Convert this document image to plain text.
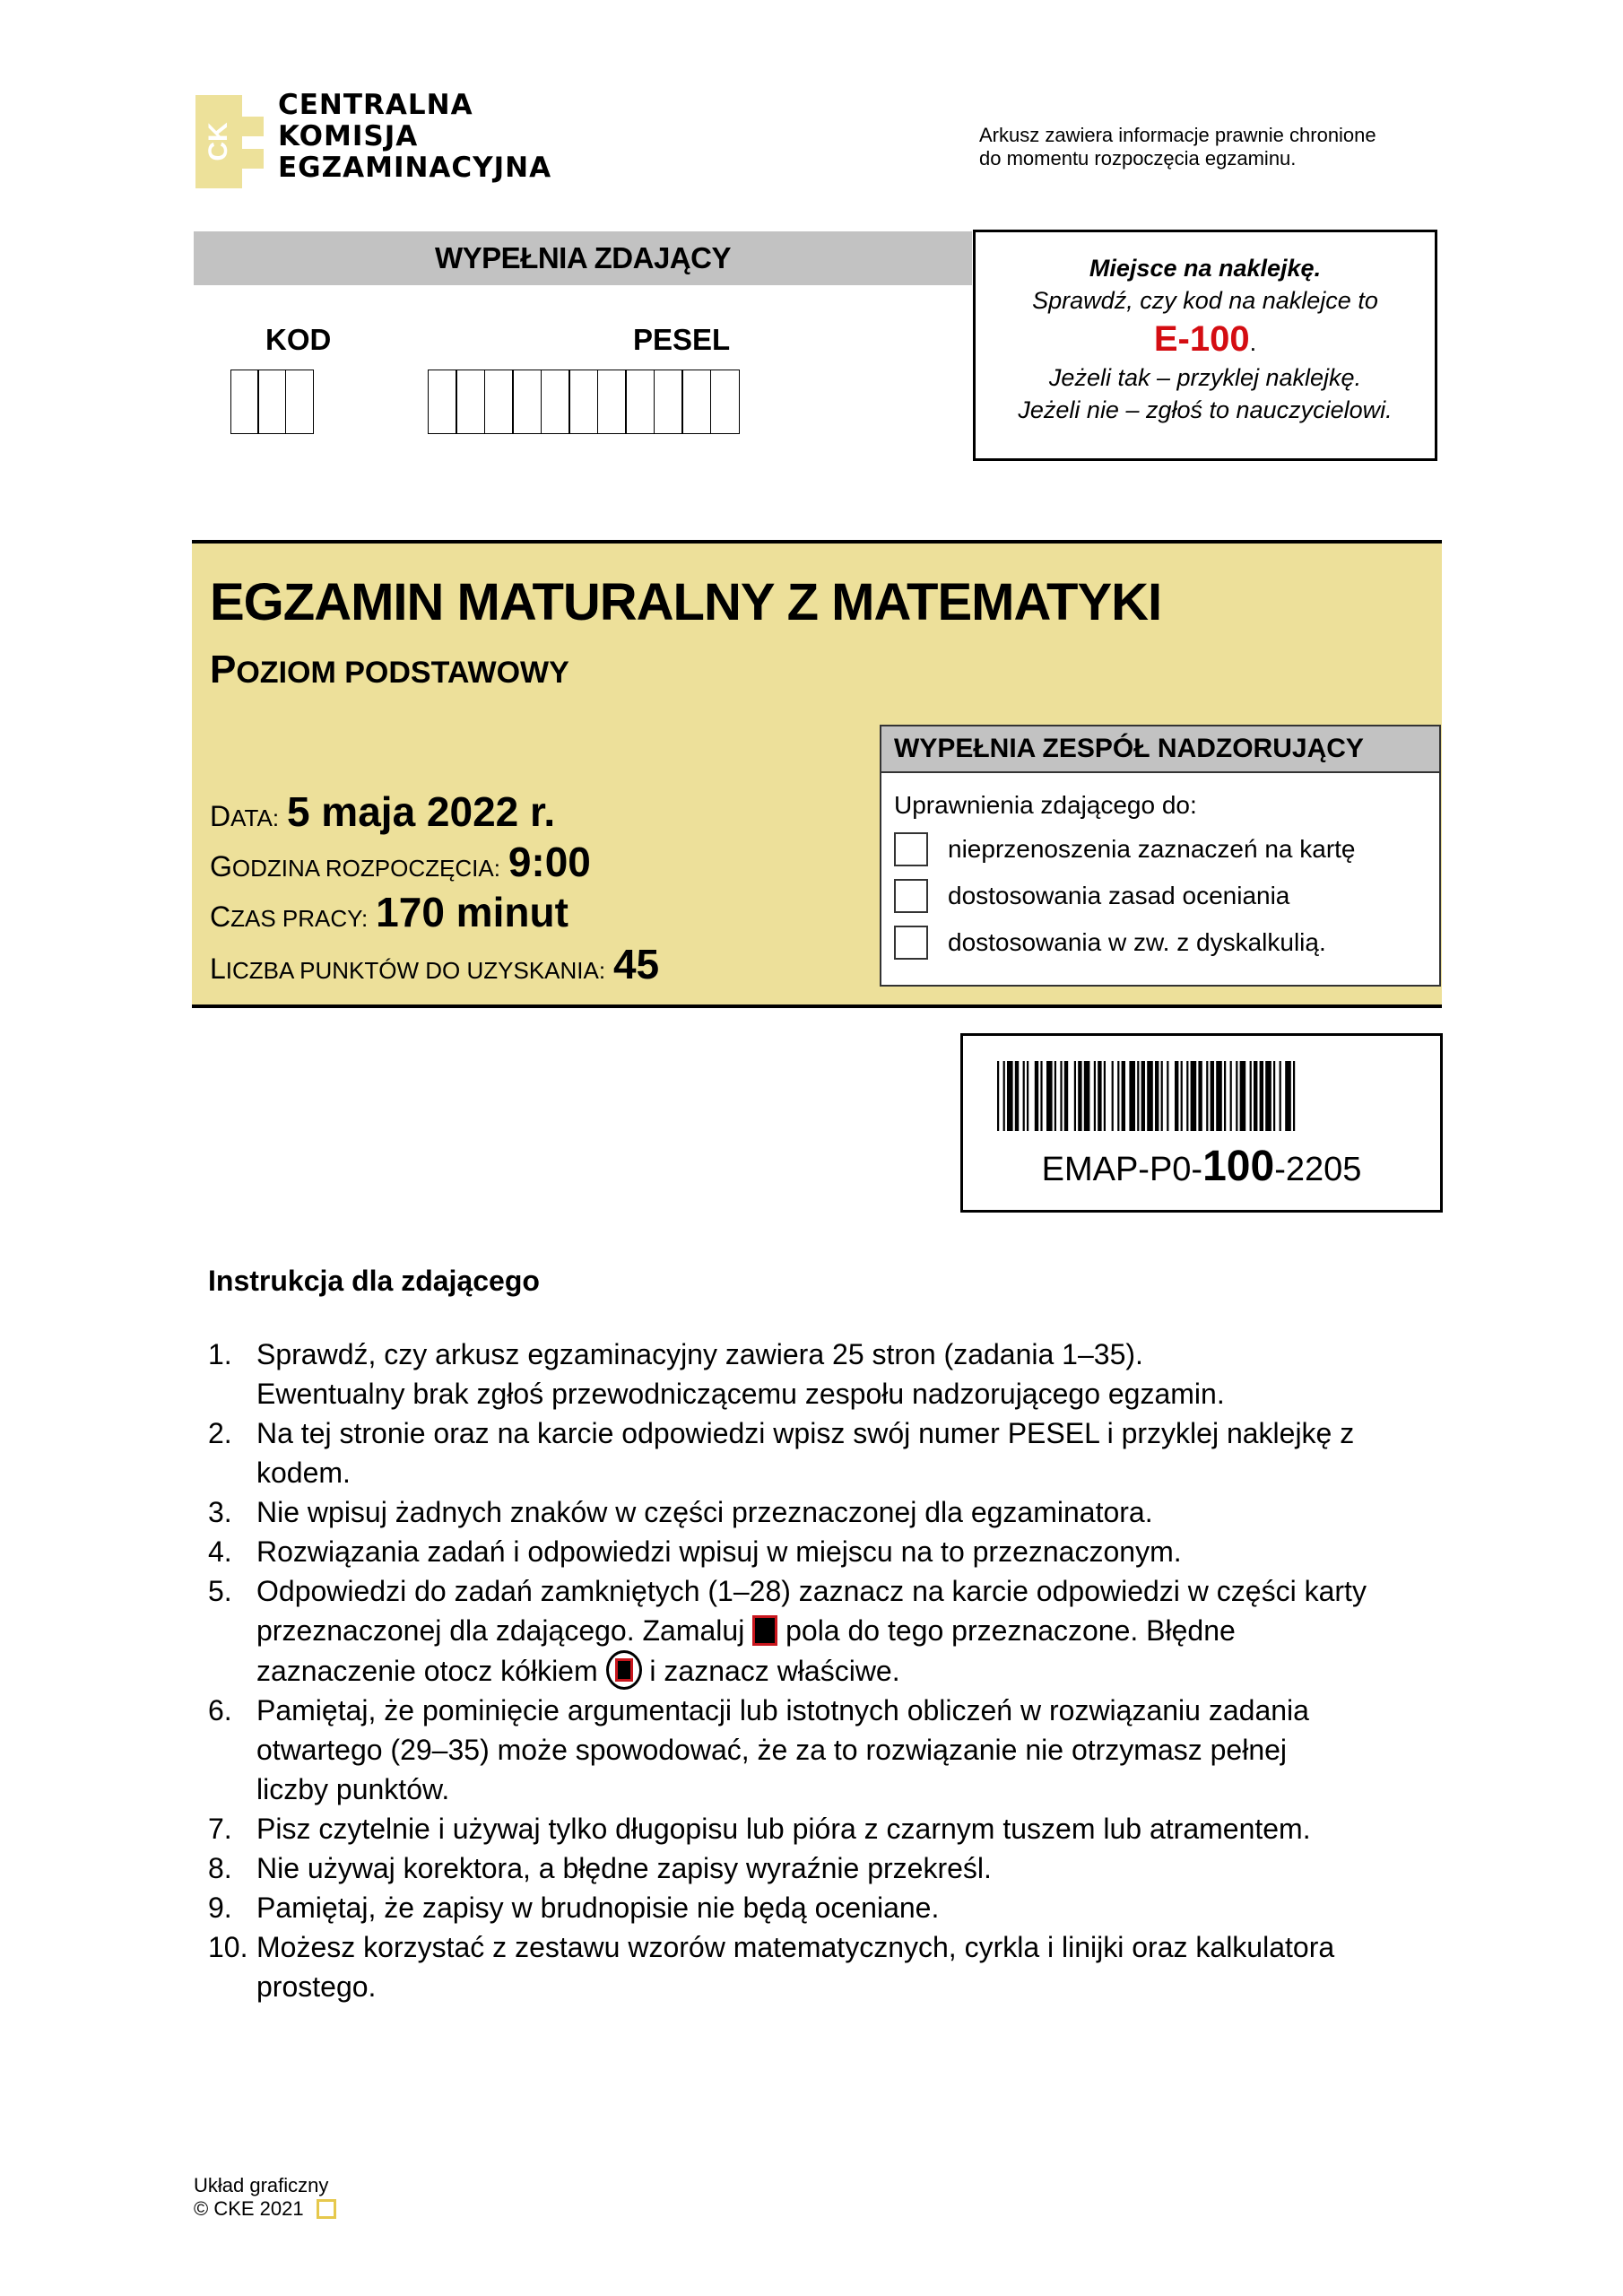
CK
CENTRALNA
KOMISJA
EGZAMINACYJNA
Arkusz zawiera informacje prawnie chronione
do momentu rozpoczęcia egzaminu.
WYPEŁNIA ZDAJĄCY
KOD	PESEL
Miejsce na naklejkę.
Sprawdź, czy kod na naklejce to
E-100.
Jeżeli tak – przyklej naklejkę.
Jeżeli nie – zgłoś to nauczycielowi.
EGZAMIN MATURALNY Z MATEMATYKI
POZIOM PODSTAWOWY
DATA: 5 maja 2022 r.
GODZINA ROZPOCZĘCIA: 9:00
CZAS PRACY: 170 minut
LICZBA PUNKTÓW DO UZYSKANIA: 45
WYPEŁNIA ZESPÓŁ NADZORUJĄCY
Uprawnienia zdającego do:
nieprzenoszenia zaznaczeń na kartę
dostosowania zasad oceniania
dostosowania w zw. z dyskalkulią.
EMAP-P0-100-2205
Instrukcja dla zdającego
1. Sprawdź, czy arkusz egzaminacyjny zawiera 25 stron (zadania 1–35).
Ewentualny brak zgłoś przewodniczącemu zespołu nadzorującego egzamin.
2. Na tej stronie oraz na karcie odpowiedzi wpisz swój numer PESEL i przyklej naklejkę z kodem.
3. Nie wpisuj żadnych znaków w części przeznaczonej dla egzaminatora.
4. Rozwiązania zadań i odpowiedzi wpisuj w miejscu na to przeznaczonym.
5. Odpowiedzi do zadań zamkniętych (1–28) zaznacz na karcie odpowiedzi w części karty przeznaczonej dla zdającego. Zamaluj pola do tego przeznaczone. Błędne zaznaczenie otocz kółkiem i zaznacz właściwe.
6. Pamiętaj, że pominięcie argumentacji lub istotnych obliczeń w rozwiązaniu zadania otwartego (29–35) może spowodować, że za to rozwiązanie nie otrzymasz pełnej liczby punktów.
7. Pisz czytelnie i używaj tylko długopisu lub pióra z czarnym tuszem lub atramentem.
8. Nie używaj korektora, a błędne zapisy wyraźnie przekreśl.
9. Pamiętaj, że zapisy w brudnopisie nie będą oceniane.
10. Możesz korzystać z zestawu wzorów matematycznych, cyrkla i linijki oraz kalkulatora prostego.
Układ graficzny
© CKE 2021
